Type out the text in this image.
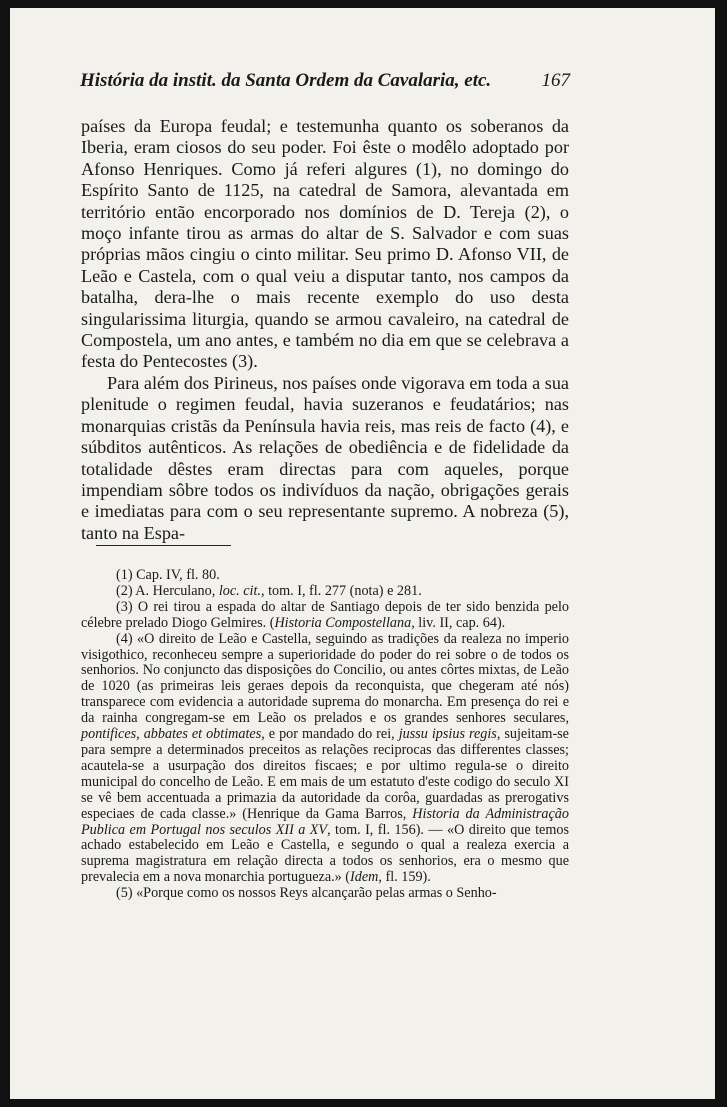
História da instit. da Santa Ordem da Cavalaria, etc.	167

países da Europa feudal; e testemunha quanto os soberanos da Iberia, eram ciosos do seu poder. Foi êste o modêlo adoptado por Afonso Henriques. Como já referi algures (1), no domingo do Espírito Santo de 1125, na catedral de Samora, alevantada em território então encorporado nos domínios de D. Tereja (2), o moço infante tirou as armas do altar de S. Salvador e com suas próprias mãos cingiu o cinto militar. Seu primo D. Afonso VII, de Leão e Castela, com o qual veiu a disputar tanto, nos campos da batalha, dera-lhe o mais recente exemplo do uso desta singularissima liturgia, quando se armou cavaleiro, na catedral de Compostela, um ano antes, e também no dia em que se celebrava a festa do Pentecostes (3).

Para além dos Pirineus, nos países onde vigorava em toda a sua plenitude o regimen feudal, havia suzeranos e feudatários; nas monarquias cristãs da Península havia reis, mas reis de facto (4), e súbditos autênticos. As relações de obediência e de fidelidade da totalidade dêstes eram directas para com aqueles, porque impendiam sôbre todos os indivíduos da nação, obrigações gerais e imediatas para com o seu representante supremo. A nobreza (5), tanto na Espa-

(1) Cap. IV, fl. 80.

(2) A. Herculano, loc. cit., tom. I, fl. 277 (nota) e 281.

(3) O rei tirou a espada do altar de Santiago depois de ter sido benzida pelo célebre prelado Diogo Gelmires. (Historia Compostellana, liv. II, cap. 64).

(4) «O direito de Leão e Castella, seguindo as tradições da realeza no imperio visigothico, reconheceu sempre a superioridade do poder do rei sobre o de todos os senhorios. No conjuncto das disposições do Concilio, ou antes côrtes mixtas, de Leão de 1020 (as primeiras leis geraes depois da reconquista, que chegeram até nós) transparece com evidencia a autoridade suprema do monarcha. Em presença do rei e da rainha congregam-se em Leão os prelados e os grandes senhores seculares, pontifices, abbates et obtimates, e por mandado do rei, jussu ipsius regis, sujeitam-se para sempre a determinados preceitos as relações reciprocas das differentes classes; acautela-se a usurpação dos direitos fiscaes; e por ultimo regula-se o direito municipal do concelho de Leão. E em mais de um estatuto d'este codigo do seculo XI se vê bem accentuada a primazia da autoridade da corôa, guardadas as prerogativs especiaes de cada classe.» (Henrique da Gama Barros, Historia da Administração Publica em Portugal nos seculos XII a XV, tom. I, fl. 156). — «O direito que temos achado estabelecido em Leão e Castella, e segundo o qual a realeza exercia a suprema magistratura em relação directa a todos os senhorios, era o mesmo que prevalecia em a nova monarchia portugueza.» (Idem, fl. 159).

(5) «Porque como os nossos Reys alcançarão pelas armas o Senho-
